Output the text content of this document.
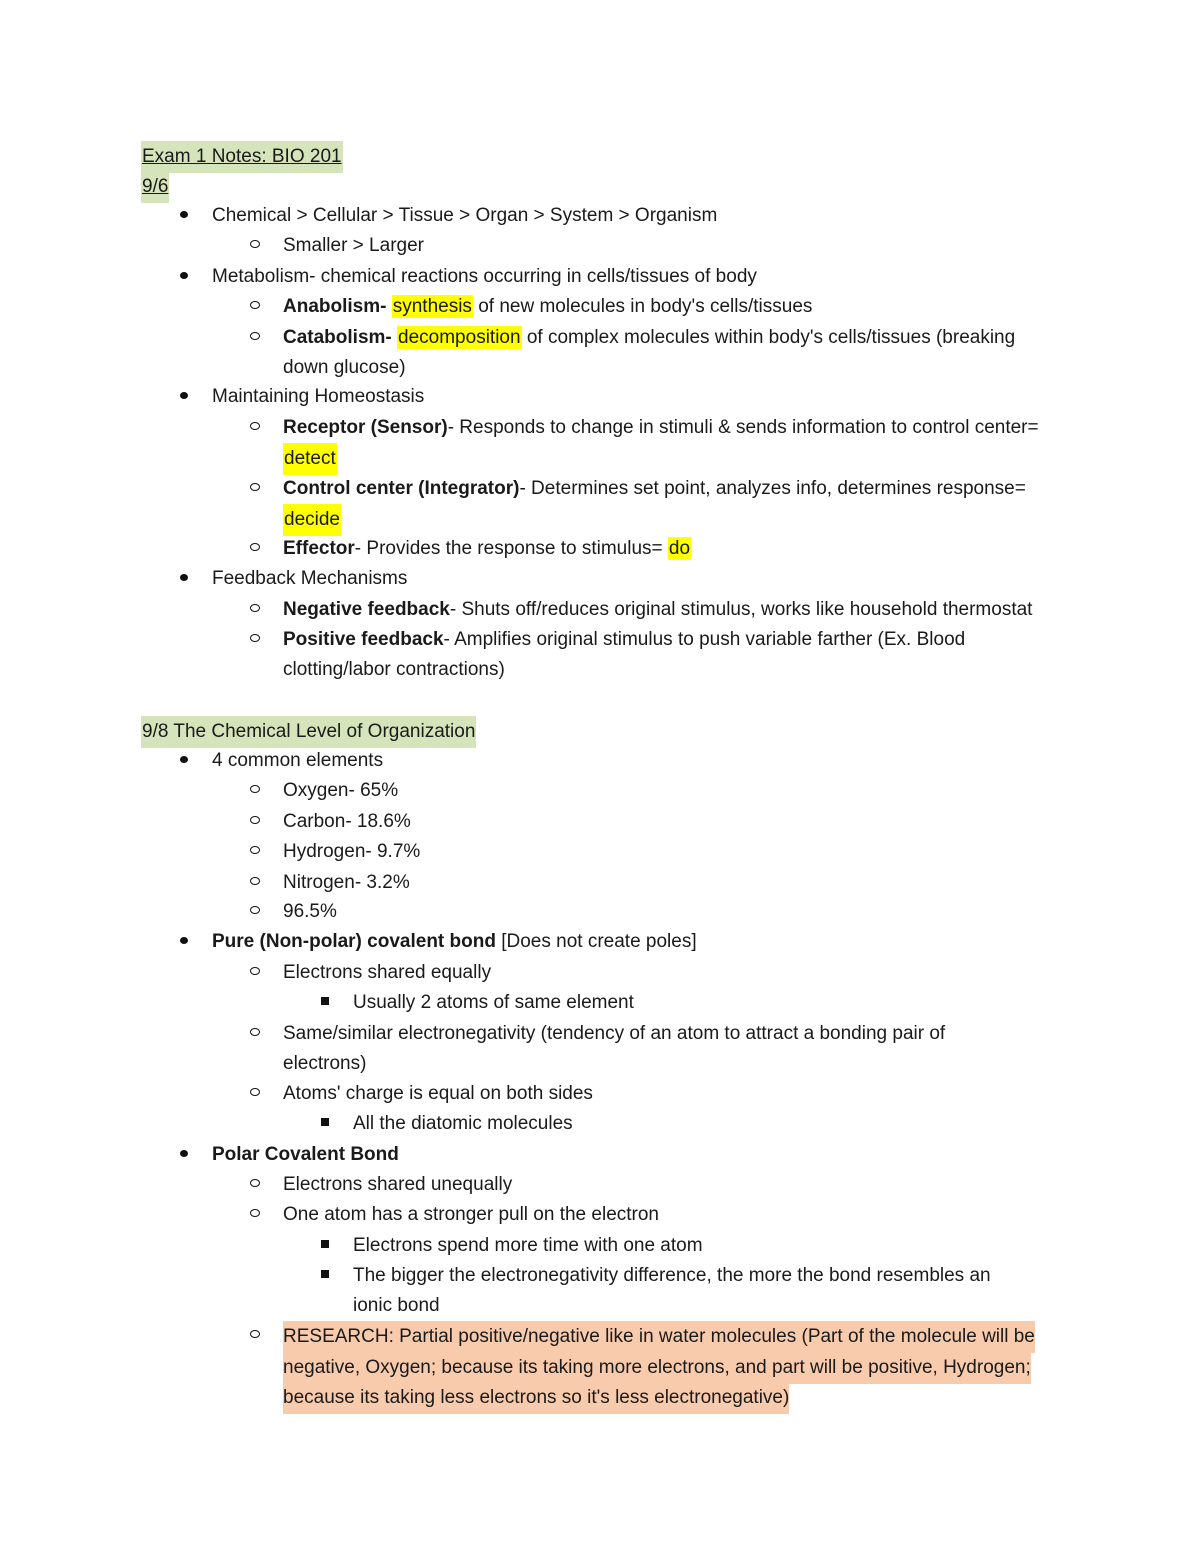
Exam 1 Notes: BIO 201
9/6
Chemical > Cellular > Tissue > Organ > System > Organism
Smaller > Larger
Metabolism- chemical reactions occurring in cells/tissues of body
Anabolism- synthesis of new molecules in body's cells/tissues
Catabolism- decomposition of complex molecules within body's cells/tissues (breaking
down glucose)
Maintaining Homeostasis
Receptor (Sensor)- Responds to change in stimuli & sends information to control center=
detect
Control center (Integrator)- Determines set point, analyzes info, determines response=
decide
Effector- Provides the response to stimulus= do
Feedback Mechanisms
Negative feedback- Shuts off/reduces original stimulus, works like household thermostat
Positive feedback- Amplifies original stimulus to push variable farther (Ex. Blood
clotting/labor contractions)
9/8 The Chemical Level of Organization
4 common elements
Oxygen- 65%
Carbon- 18.6%
Hydrogen- 9.7%
Nitrogen- 3.2%
96.5%
Pure (Non-polar) covalent bond [Does not create poles]
Electrons shared equally
Usually 2 atoms of same element
Same/similar electronegativity (tendency of an atom to attract a bonding pair of
electrons)
Atoms' charge is equal on both sides
All the diatomic molecules
Polar Covalent Bond
Electrons shared unequally
One atom has a stronger pull on the electron
Electrons spend more time with one atom
The bigger the electronegativity difference, the more the bond resembles an
ionic bond
RESEARCH: Partial positive/negative like in water molecules (Part of the molecule will be
negative, Oxygen; because its taking more electrons, and part will be positive, Hydrogen;
because its taking less electrons so it's less electronegative)
